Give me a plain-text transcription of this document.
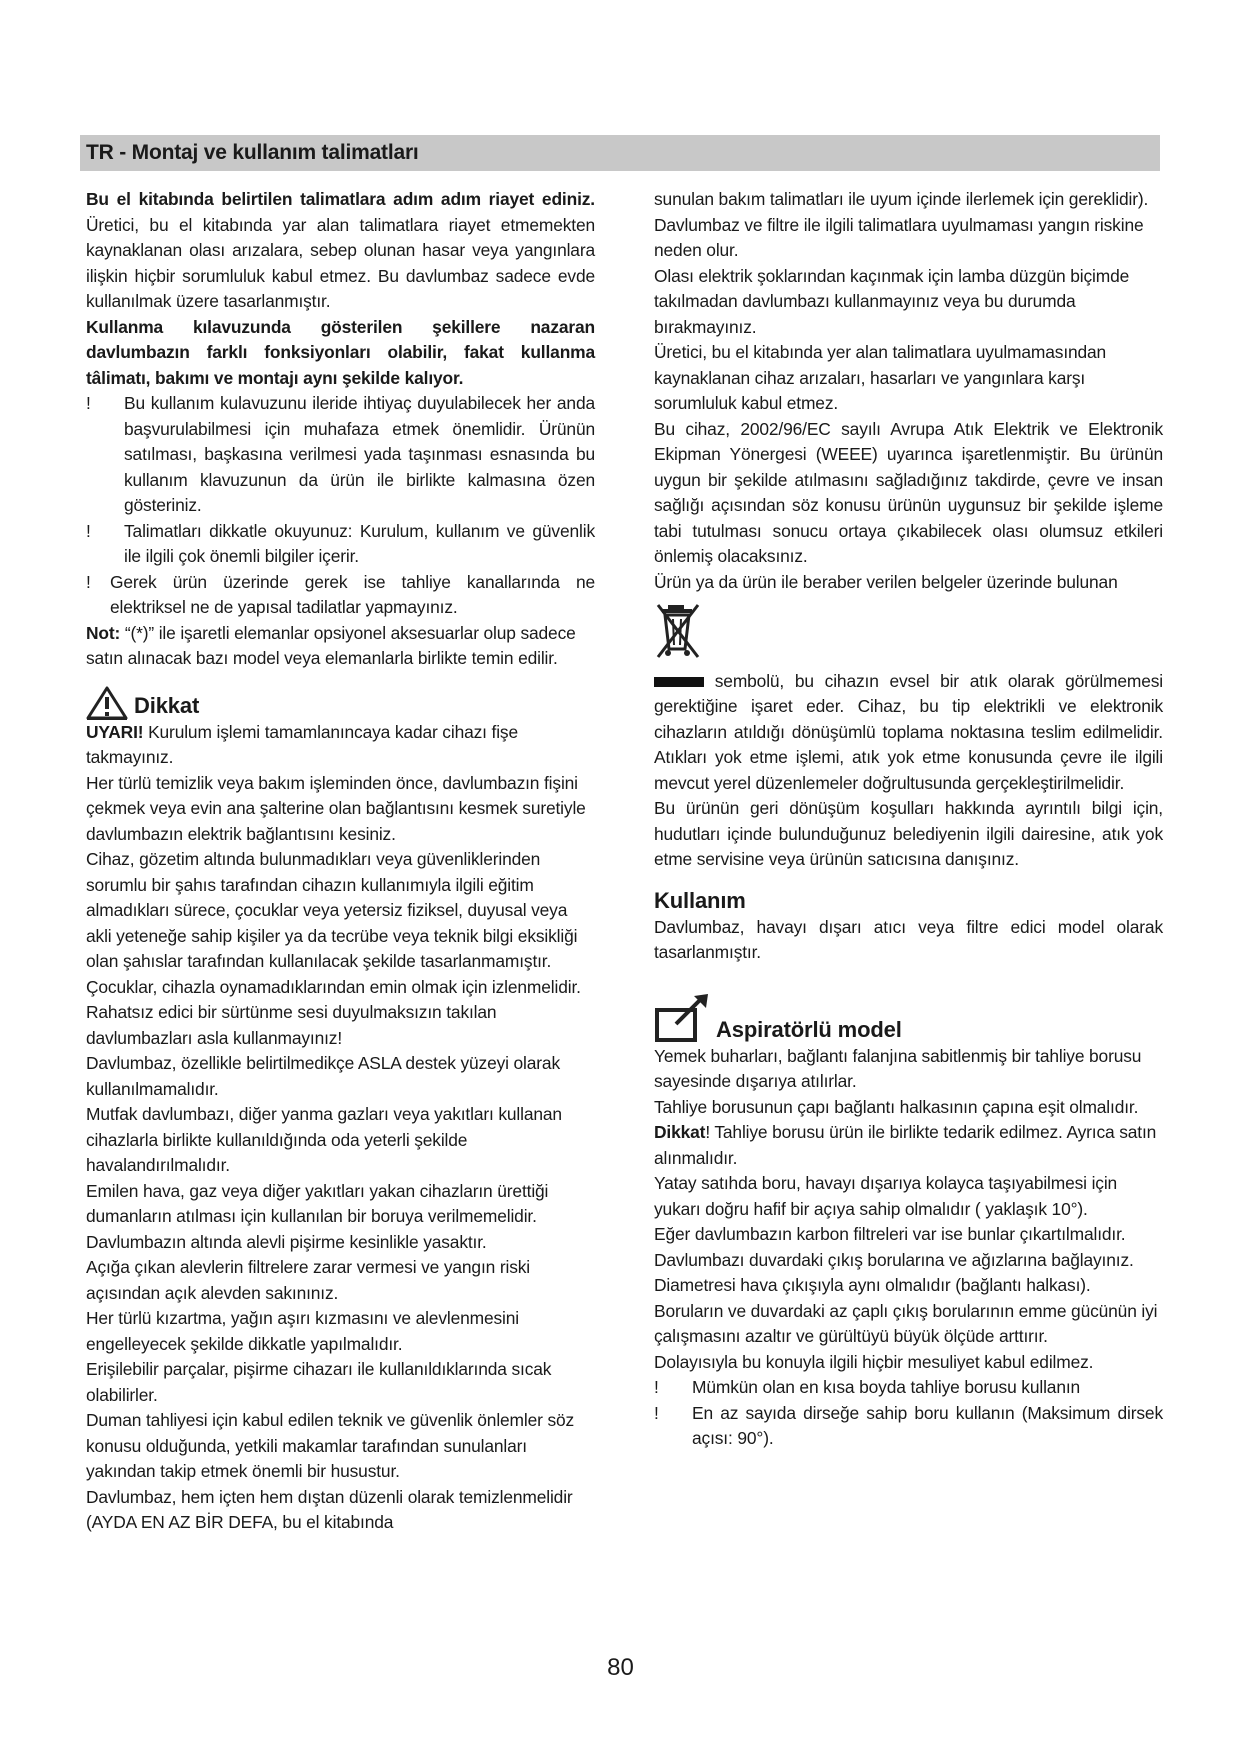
TR - Montaj ve kullanım talimatları

Bu el kitabında belirtilen talimatlara adım adım riayet ediniz. Üretici, bu el kitabında yar alan talimatlara riayet etmemekten kaynaklanan olası arızalara, sebep olunan hasar veya yangınlara ilişkin hiçbir sorumluluk kabul etmez. Bu davlumbaz sadece evde kullanılmak üzere tasarlanmıştır.

Kullanma kılavuzunda gösterilen şekillere nazaran davlumbazın farklı fonksiyonları olabilir, fakat kullanma tâlimatı, bakımı ve montajı aynı şekilde kalıyor.

! Bu kullanım kulavuzunu ileride ihtiyaç duyulabilecek her anda başvurulabilmesi için muhafaza etmek önemlidir. Ürünün satılması, başkasına verilmesi yada taşınması esnasında bu kullanım klavuzunun da ürün ile birlikte kalmasına özen gösteriniz.
! Talimatları dikkatle okuyunuz: Kurulum, kullanım ve güvenlik ile ilgili çok önemli bilgiler içerir.
! Gerek ürün üzerinde gerek ise tahliye kanallarında ne elektriksel ne de yapısal tadilatlar yapmayınız.

Not: “(*)” ile işaretli elemanlar opsiyonel aksesuarlar olup sadece satın alınacak bazı model veya elemanlarla birlikte temin edilir.

Dikkat

UYARI! Kurulum işlemi tamamlanıncaya kadar cihazı fişe takmayınız.

Her türlü temizlik veya bakım işleminden önce, davlumbazın fişini çekmek veya evin ana şalterine olan bağlantısını kesmek suretiyle davlumbazın elektrik bağlantısını kesiniz.

Cihaz, gözetim altında bulunmadıkları veya güvenliklerinden sorumlu bir şahıs tarafından cihazın kullanımıyla ilgili eğitim almadıkları sürece, çocuklar veya yetersiz fiziksel, duyusal veya akli yeteneğe sahip kişiler ya da tecrübe veya teknik bilgi eksikliği olan şahıslar tarafından kullanılacak şekilde tasarlanmamıştır.

Çocuklar, cihazla oynamadıklarından emin olmak için izlenmelidir.

Rahatsız edici bir sürtünme sesi duyulmaksızın takılan davlumbazları asla kullanmayınız!

Davlumbaz, özellikle belirtilmedikçe ASLA destek yüzeyi olarak kullanılmamalıdır.

Mutfak davlumbazı, diğer yanma gazları veya yakıtları kullanan cihazlarla birlikte kullanıldığında oda yeterli şekilde havalandırılmalıdır.

Emilen hava, gaz veya diğer yakıtları yakan cihazların ürettiği dumanların atılması için kullanılan bir boruya verilmemelidir.

Davlumbazın altında alevli pişirme kesinlikle yasaktır.

Açığa çıkan alevlerin filtrelere zarar vermesi ve yangın riski açısından açık alevden sakınınız.

Her türlü kızartma, yağın aşırı kızmasını ve alevlenmesini engelleyecek şekilde dikkatle yapılmalıdır.

Erişilebilir parçalar, pişirme cihazarı ile kullanıldıklarında sıcak olabilirler.

Duman tahliyesi için kabul edilen teknik ve güvenlik önlemler söz konusu olduğunda, yetkili makamlar tarafından sunulanları yakından takip etmek önemli bir husustur.

Davlumbaz, hem içten hem dıştan düzenli olarak temizlenmelidir (AYDA EN AZ BİR DEFA, bu el kitabında

sunulan bakım talimatları ile uyum içinde ilerlemek için gereklidir).

Davlumbaz ve filtre ile ilgili talimatlara uyulmaması yangın riskine neden olur.

Olası elektrik şoklarından kaçınmak için lamba düzgün biçimde takılmadan davlumbazı kullanmayınız veya bu durumda bırakmayınız.

Üretici, bu el kitabında yer alan talimatlara uyulmamasından kaynaklanan cihaz arızaları, hasarları ve yangınlara karşı sorumluluk kabul etmez.

Bu cihaz, 2002/96/EC sayılı Avrupa Atık Elektrik ve Elektronik Ekipman Yönergesi (WEEE) uyarınca işaretlenmiştir. Bu ürünün uygun bir şekilde atılmasını sağladığınız takdirde, çevre ve insan sağlığı açısından söz konusu ürünün uygunsuz bir şekilde işleme tabi tutulması sonucu ortaya çıkabilecek olası olumsuz etkileri önlemiş olacaksınız.

Ürün ya da ürün ile beraber verilen belgeler üzerinde bulunan

sembolü, bu cihazın evsel bir atık olarak görülmemesi gerektiğine işaret eder. Cihaz, bu tip elektrikli ve elektronik cihazların atıldığı dönüşümlü toplama noktasına teslim edilmelidir. Atıkları yok etme işlemi, atık yok etme konusunda çevre ile ilgili mevcut yerel düzenlemeler doğrultusunda gerçekleştirilmelidir.

Bu ürünün geri dönüşüm koşulları hakkında ayrıntılı bilgi için, hudutları içinde bulunduğunuz belediyenin ilgili dairesine, atık yok etme servisine veya ürünün satıcısına danışınız.

Kullanım

Davlumbaz, havayı dışarı atıcı veya filtre edici model olarak tasarlanmıştır.

Aspiratörlü model

Yemek buharları, bağlantı falanjına sabitlenmiş bir tahliye borusu sayesinde dışarıya atılırlar.

Tahliye borusunun çapı bağlantı halkasının çapına eşit olmalıdır.

Dikkat! Tahliye borusu ürün ile birlikte tedarik edilmez. Ayrıca satın alınmalıdır.

Yatay satıhda boru, havayı dışarıya kolayca taşıyabilmesi için yukarı doğru hafif bir açıya sahip olmalıdır ( yaklaşık 10°).

Eğer davlumbazın karbon filtreleri var ise bunlar çıkartılmalıdır.

Davlumbazı duvardaki çıkış borularına ve ağızlarına bağlayınız. Diametresi hava çıkışıyla aynı olmalıdır (bağlantı halkası).

Boruların ve duvardaki az çaplı çıkış borularının emme gücünün iyi çalışmasını azaltır ve gürültüyü büyük ölçüde arttırır.

Dolayısıyla bu konuyla ilgili hiçbir mesuliyet kabul edilmez.

! Mümkün olan en kısa boyda tahliye borusu kullanın
! En az sayıda dirseğe sahip boru kullanın (Maksimum dirsek açısı: 90°).
80
